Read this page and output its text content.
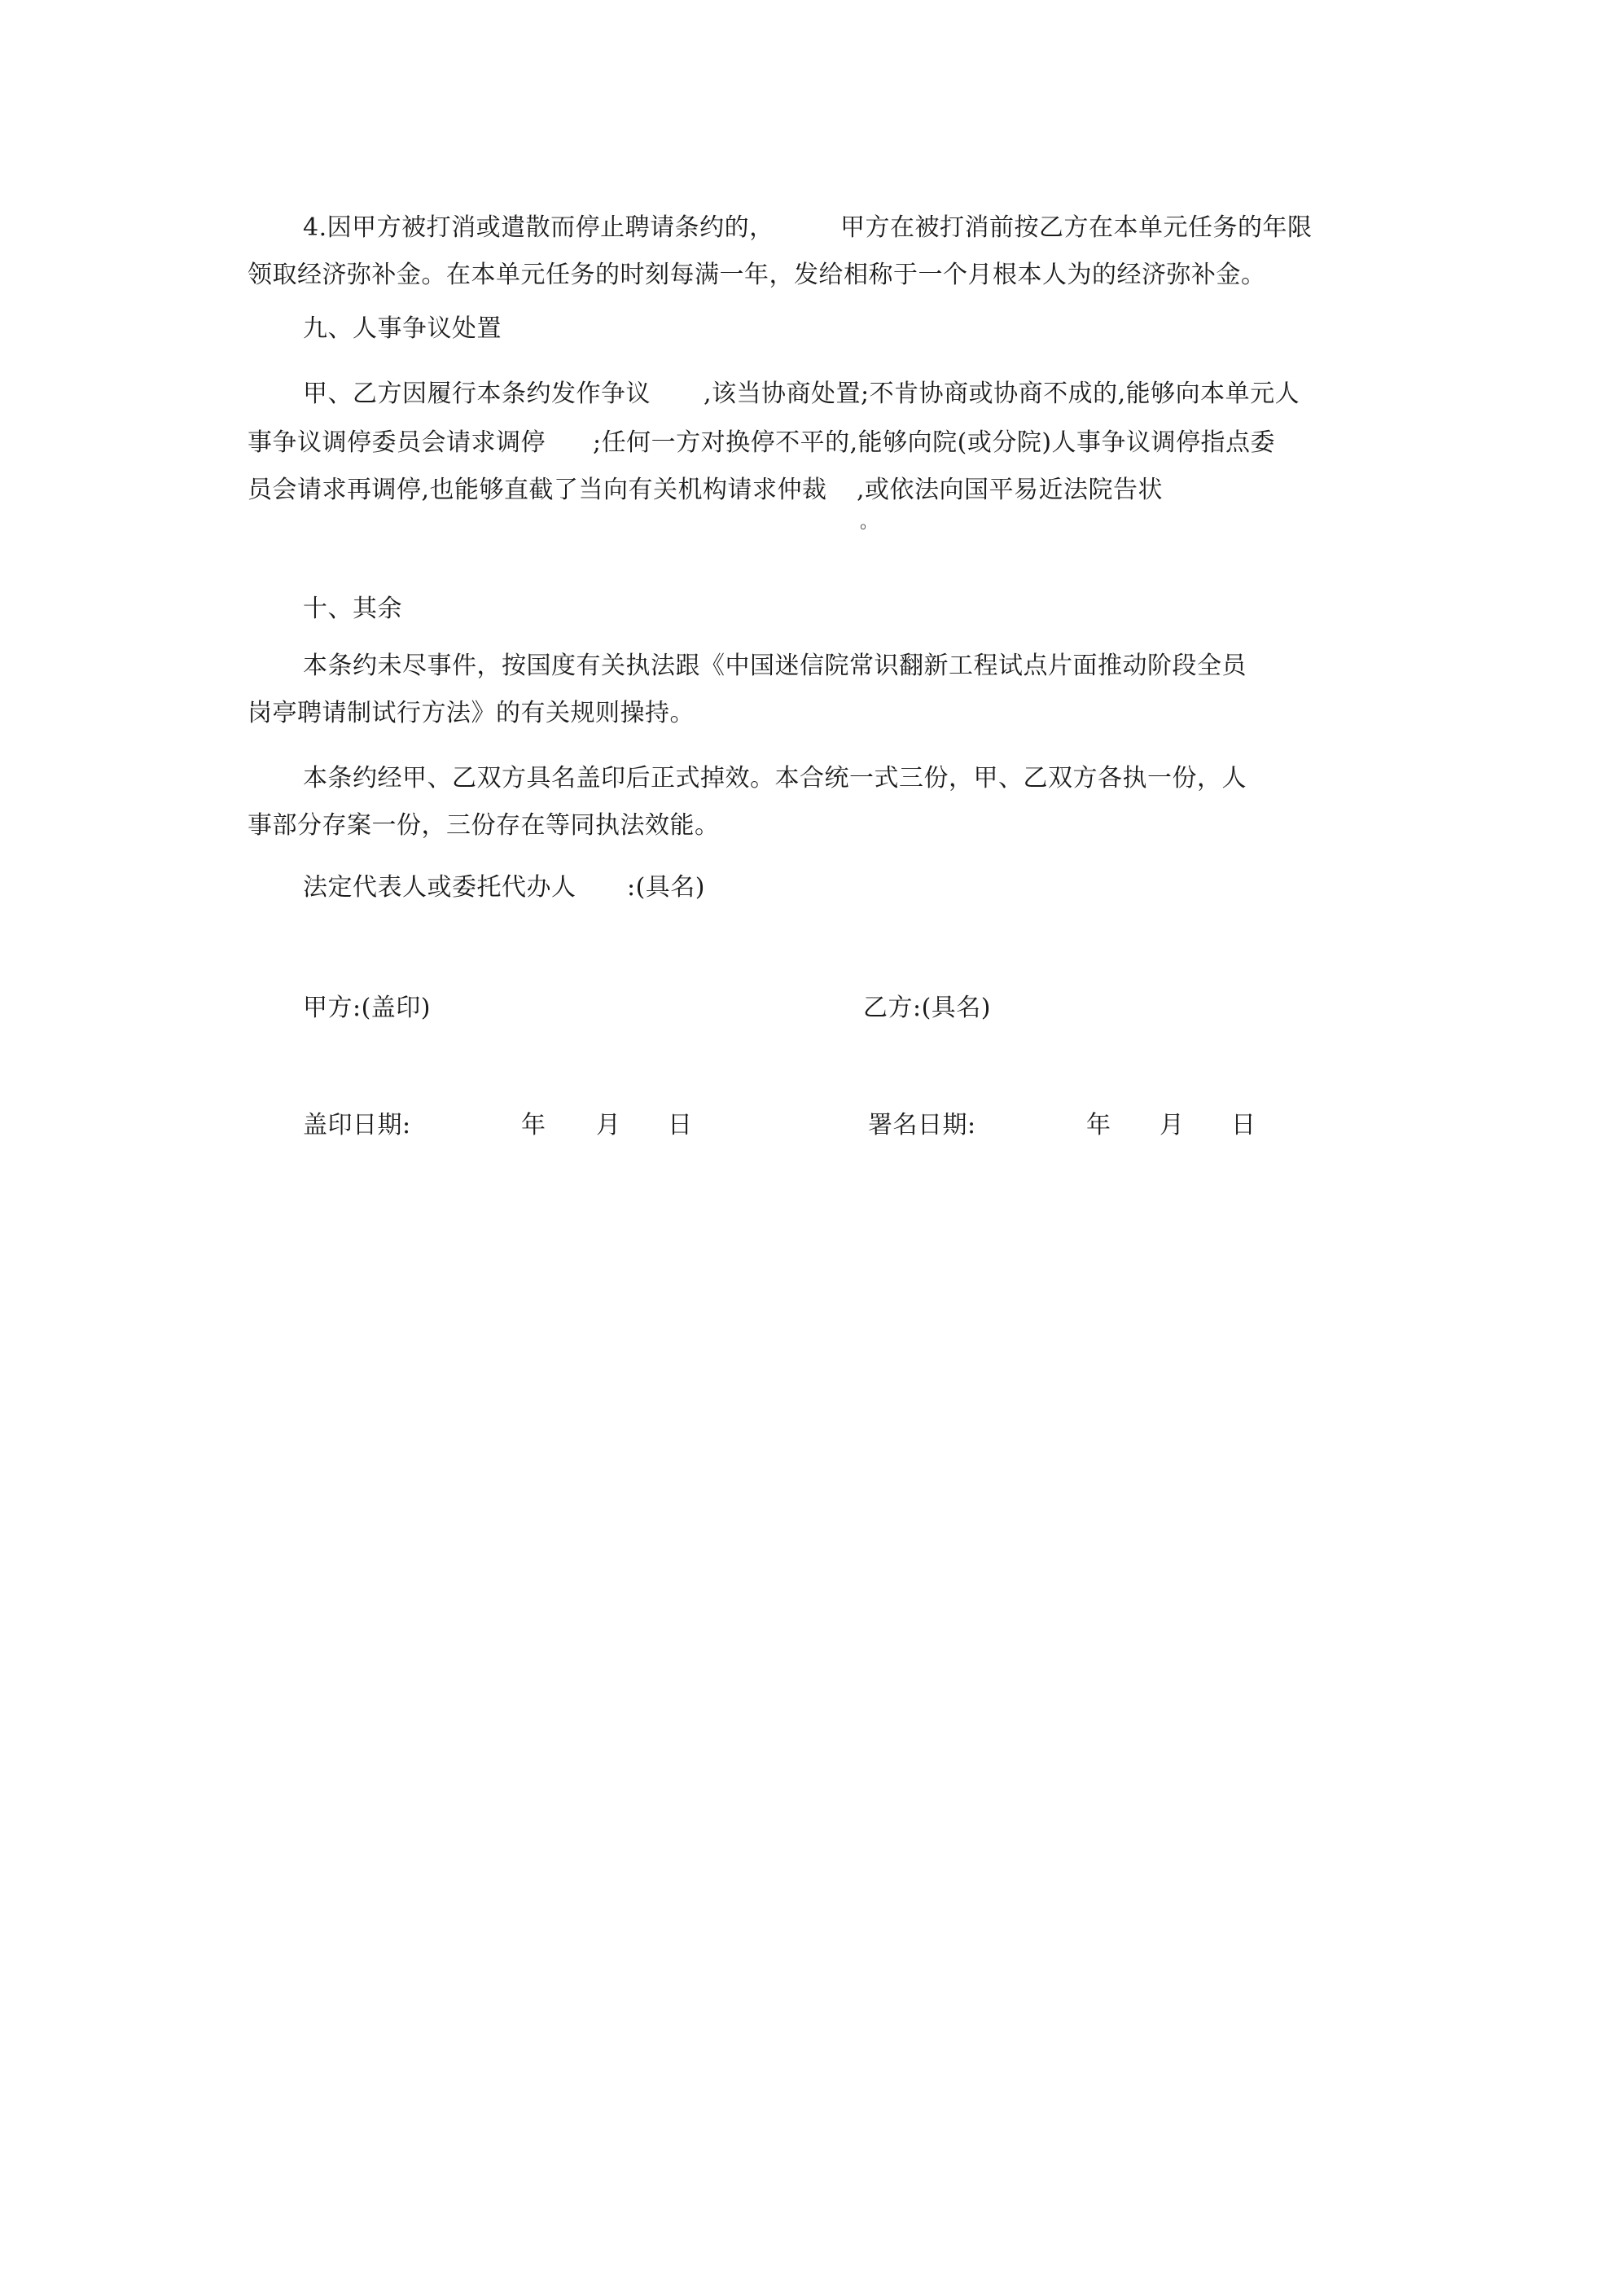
4.因甲方被打消或遣散而停止聘请条约的，	甲方在被打消前按乙方在本单元任务的年限
领取经济弥补金。在本单元任务的时刻每满一年，发给相称于一个月根本人为的经济弥补金。
九、人事争议处置
甲、乙方因履行本条约发作争议 ,该当协商处置;不肯协商或协商不成的,能够向本单元人
事争议调停委员会请求调停 ;任何一方对换停不平的,能够向院(或分院)人事争议调停指点委
员会请求再调停,也能够直截了当向有关机构请求仲裁 ,或依法向国平易近法院告状
。
十、其余
本条约未尽事件，按国度有关执法跟《中国迷信院常识翻新工程试点片面推动阶段全员
岗亭聘请制试行方法》的有关规则操持。
本条约经甲、乙双方具名盖印后正式掉效。本合统一式三份，甲、乙双方各执一份，人
事部分存案一份，三份存在等同执法效能。
法定代表人或委托代办人 :(具名)
甲方:(盖印)	乙方:(具名)
盖印日期:	年 月 日	署名日期:	年 月 日
